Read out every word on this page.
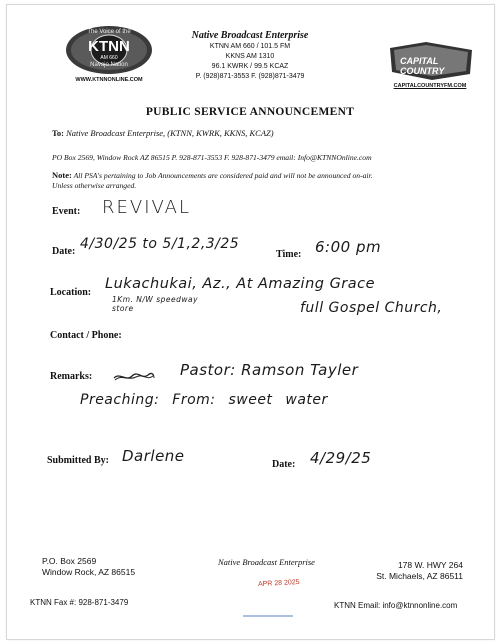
The Voice of the
KTNN
AM 660
Navajo Nation
WWW.KTNNONLINE.COM
Native Broadcast Enterprise
KTNN AM 660 / 101.5 FM
KKNS AM 1310
96.1 KWRK / 99.5 KCAZ
P. (928)871-3553 F. (928)871-3479
CAPITAL COUNTRY
CAPITALCOUNTRYFM.COM
PUBLIC SERVICE ANNOUNCEMENT
To: Native Broadcast Enterprise, (KTNN, KWRK, KKNS, KCAZ)
PO Box 2569, Window Rock AZ 86515 P. 928-871-3553 F. 928-871-3479 email: Info@KTNNOnline.com
Note: All PSA's pertaining to Job Announcements are considered paid and will not be announced on-air.
Unless otherwise arranged.
Event: REVIVAL
Date: 4/30/25 to 5/1,2,3/25
Time: 6:00 pm
Location:
Lukachukai, Az., At Amazing Grace
1Km. N/W speedway store	full Gospel Church,
Contact / Phone:
Remarks:	Pastor: Ramson Tayler
Preaching: From: sweet water
Submitted By: Darlene	Date: 4/29/25
P.O. Box 2569
Window Rock, AZ 86515
Native Broadcast Enterprise
APR 28 2025
178 W. HWY 264
St. Michaels, AZ 86511
KTNN Fax #: 928-871-3479	KTNN Email: info@ktnnonline.com
